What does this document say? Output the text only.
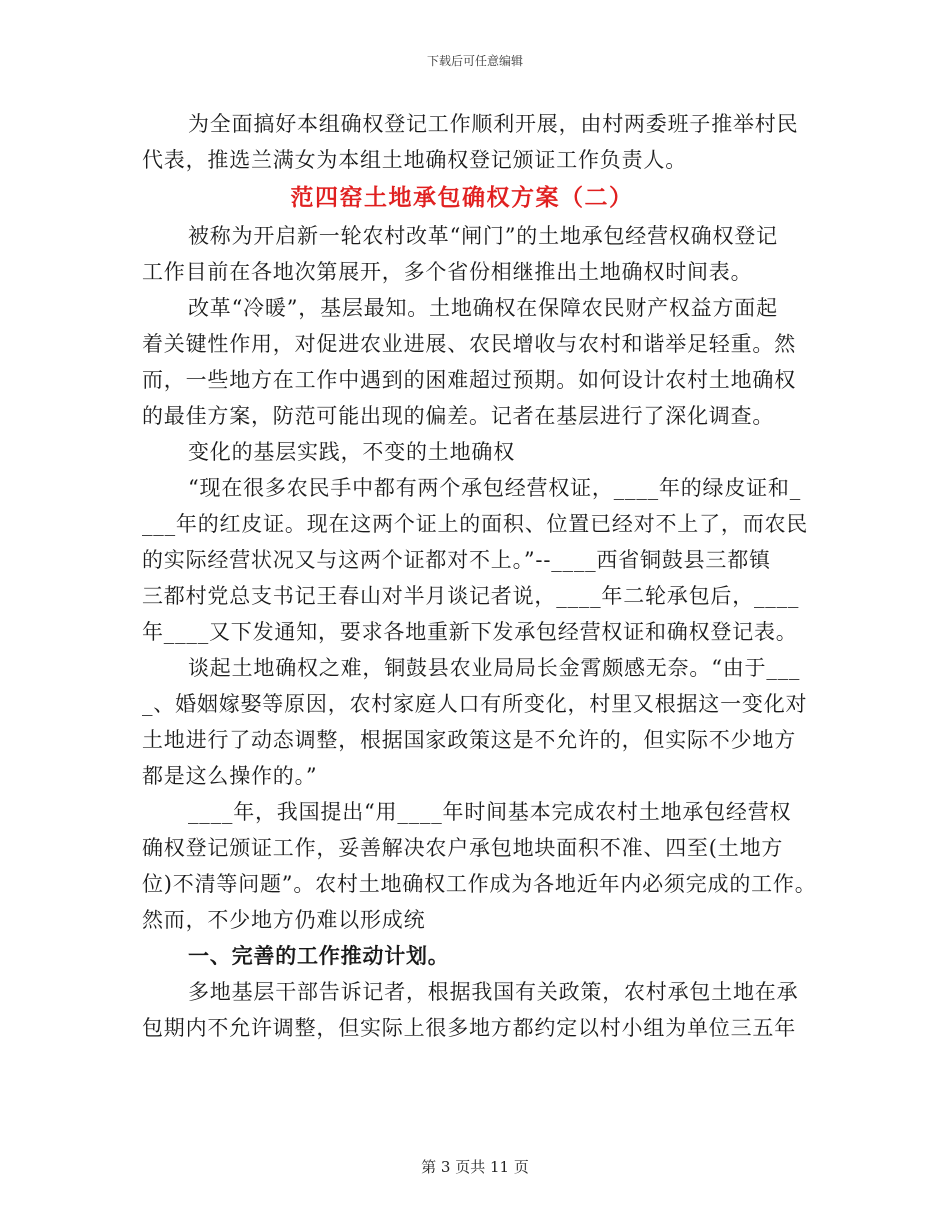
下载后可任意编辑
为全面搞好本组确权登记工作顺利开展，由村两委班子推举村民
代表，推选兰满女为本组土地确权登记颁证工作负责人。
范四窑土地承包确权方案（二）
被称为开启新一轮农村改革“闸门”的土地承包经营权确权登记
工作目前在各地次第展开，多个省份相继推出土地确权时间表。
改革“冷暖”，基层最知。土地确权在保障农民财产权益方面起
着关键性作用，对促进农业进展、农民增收与农村和谐举足轻重。然
而，一些地方在工作中遇到的困难超过预期。如何设计农村土地确权
的最佳方案，防范可能出现的偏差。记者在基层进行了深化调查。
变化的基层实践，不变的土地确权
“现在很多农民手中都有两个承包经营权证，____年的绿皮证和_
___年的红皮证。现在这两个证上的面积、位置已经对不上了，而农民
的实际经营状况又与这两个证都对不上。”--____西省铜鼓县三都镇
三都村党总支书记王春山对半月谈记者说，____年二轮承包后，____
年____又下发通知，要求各地重新下发承包经营权证和确权登记表。
谈起土地确权之难，铜鼓县农业局局长金霄颇感无奈。“由于___
_、婚姻嫁娶等原因，农村家庭人口有所变化，村里又根据这一变化对
土地进行了动态调整，根据国家政策这是不允许的，但实际不少地方
都是这么操作的。”
____年，我国提出“用____年时间基本完成农村土地承包经营权
确权登记颁证工作，妥善解决农户承包地块面积不准、四至(土地方
位)不清等问题”。农村土地确权工作成为各地近年内必须完成的工作。
然而，不少地方仍难以形成统
一、完善的工作推动计划。
多地基层干部告诉记者，根据我国有关政策，农村承包土地在承
包期内不允许调整，但实际上很多地方都约定以村小组为单位三五年
第 3 页共 11 页
